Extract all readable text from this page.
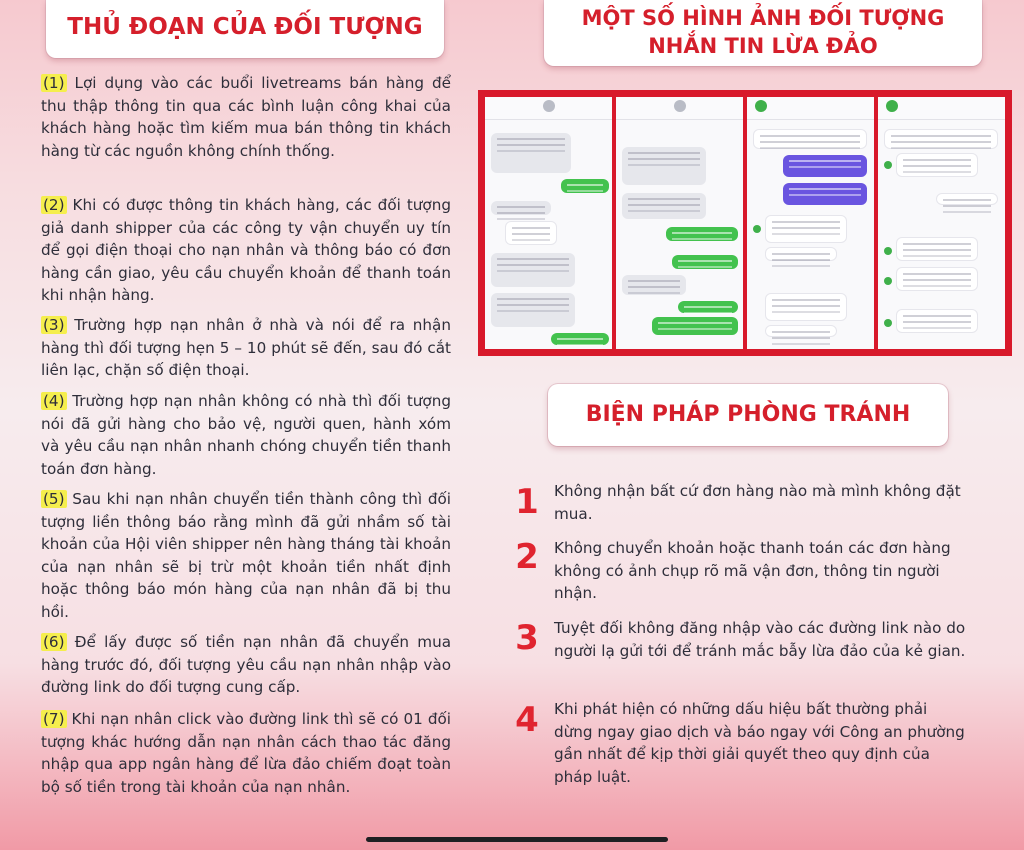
THỦ ĐOẠN CỦA ĐỐI TƯỢNG	MỘT SỐ HÌNH ẢNH ĐỐI TƯỢNG
NHẮN TIN LỪA ĐẢO
BIỆN PHÁP PHÒNG TRÁNH
(1) Lợi dụng vào các buổi livetreams bán hàng để thu thập thông tin qua các bình luận công khai của khách hàng hoặc tìm kiếm mua bán thông tin khách hàng từ các nguồn không chính thống.
(2) Khi có được thông tin khách hàng, các đối tượng giả danh shipper của các công ty vận chuyển uy tín để gọi điện thoại cho nạn nhân và thông báo có đơn hàng cần giao, yêu cầu chuyển khoản để thanh toán khi nhận hàng.
(3) Trường hợp nạn nhân ở nhà và nói để ra nhận hàng thì đối tượng hẹn 5 – 10 phút sẽ đến, sau đó cắt liên lạc, chặn số điện thoại.
(4) Trường hợp nạn nhân không có nhà thì đối tượng nói đã gửi hàng cho bảo vệ, người quen, hành xóm và yêu cầu nạn nhân nhanh chóng chuyển tiền thanh toán đơn hàng.
(5) Sau khi nạn nhân chuyển tiền thành công thì đối tượng liền thông báo rằng mình đã gửi nhầm số tài khoản của Hội viên shipper nên hàng tháng tài khoản của nạn nhân sẽ bị trừ một khoản tiền nhất định hoặc thông báo món hàng của nạn nhân đã bị thu hồi.
(6) Để lấy được số tiền nạn nhân đã chuyển mua hàng trước đó, đối tượng yêu cầu nạn nhân nhập vào đường link do đối tượng cung cấp.
(7) Khi nạn nhân click vào đường link thì sẽ có 01 đối tượng khác hướng dẫn nạn nhân cách thao tác đăng nhập qua app ngân hàng để lừa đảo chiếm đoạt toàn bộ số tiền trong tài khoản của nạn nhân.
1 Không nhận bất cứ đơn hàng nào mà mình không đặt mua.
2 Không chuyển khoản hoặc thanh toán các đơn hàng không có ảnh chụp rõ mã vận đơn, thông tin người nhận.
3 Tuyệt đối không đăng nhập vào các đường link nào do người lạ gửi tới để tránh mắc bẫy lừa đảo của kẻ gian.
4 Khi phát hiện có những dấu hiệu bất thường phải dừng ngay giao dịch và báo ngay với Công an phường gần nhất để kịp thời giải quyết theo quy định của pháp luật.
